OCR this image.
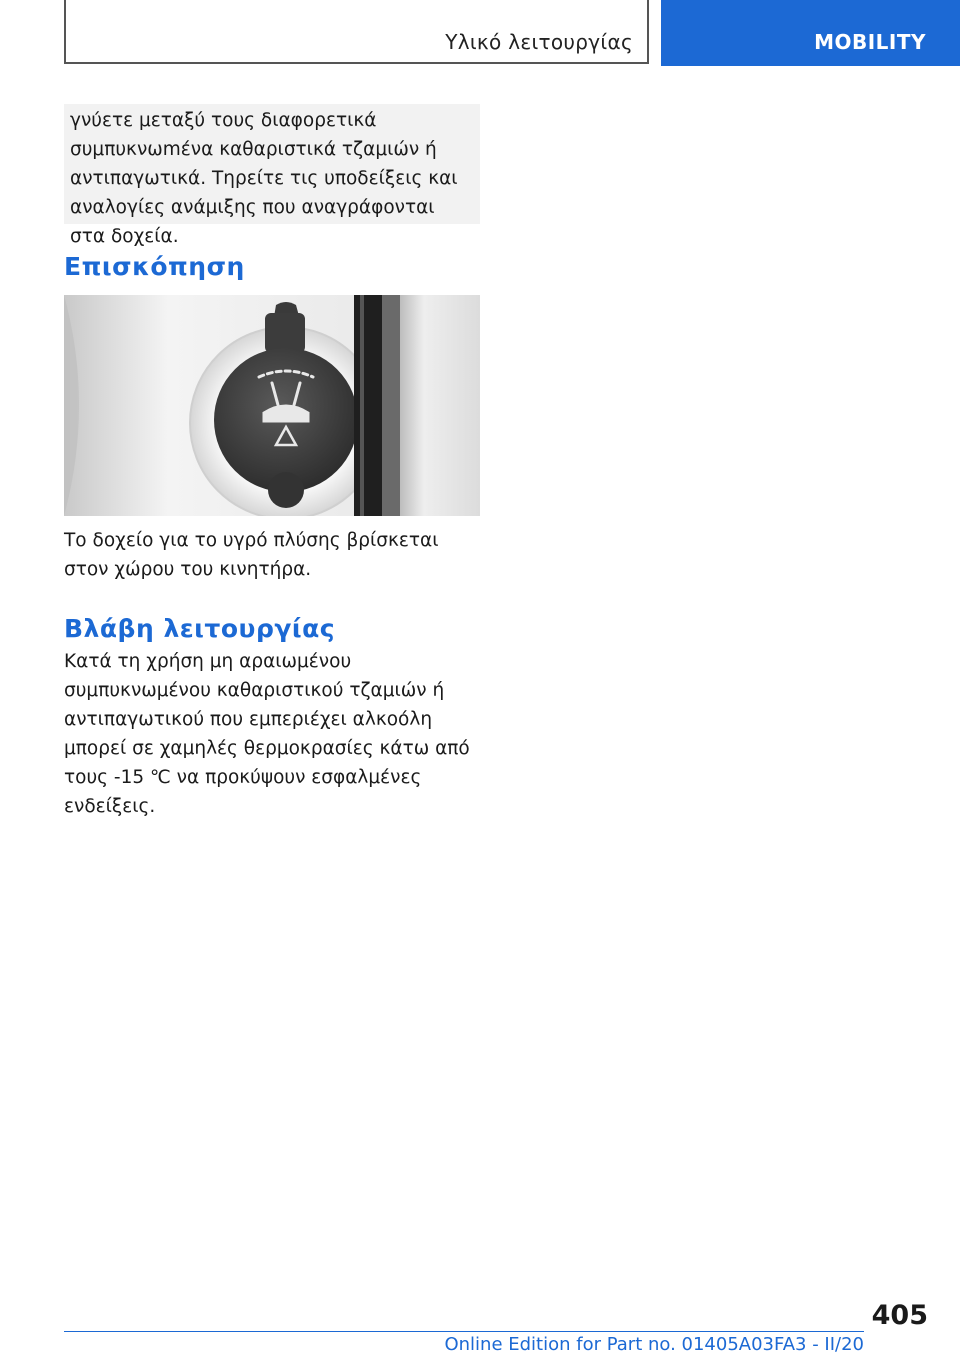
Υλικό λειτουργίας	MOBILITY

γνύετε μεταξύ τους διαφορετικά συμπυκνωmένα καθαριστικά τζαμιών ή αντιπαγωτικά. Τηρείτε τις υποδείξεις και αναλογίες ανάμιξης που αναγράφονται στα δοχεία.

Επισκόπηση

Το δοχείο για το υγρό πλύσης βρίσκεται στον χώρου του κινητήρα.

Βλάβη λειτουργίας

Κατά τη χρήση μη αραιωμένου συμπυκνωμένου καθαριστικού τζαμιών ή αντιπαγωτικού που εμπεριέχει αλκοόλη μπορεί σε χαμηλές θερμοκρασίες κάτω από τους -15 ℃ να προκύψουν εσφαλμένες ενδείξεις.

405
Online Edition for Part no. 01405A03FA3 - II/20
